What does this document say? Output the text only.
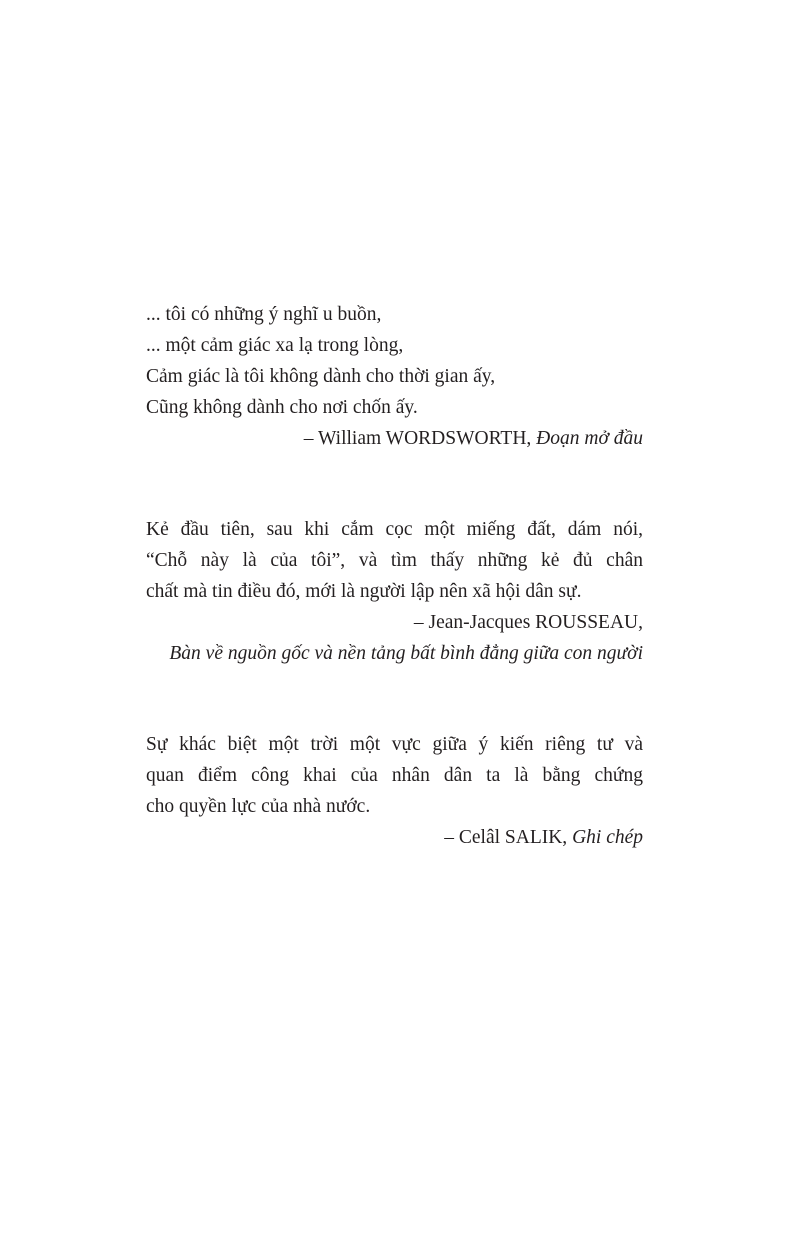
... tôi có những ý nghĩ u buồn,
... một cảm giác xa lạ trong lòng,
Cảm giác là tôi không dành cho thời gian ấy,
Cũng không dành cho nơi chốn ấy.
– William WORDSWORTH, Đoạn mở đầu
Kẻ đầu tiên, sau khi cắm cọc một miếng đất, dám nói,
“Chỗ này là của tôi”, và tìm thấy những kẻ đủ chân
chất mà tin điều đó, mới là người lập nên xã hội dân sự.
– Jean-Jacques ROUSSEAU,
Bàn về nguồn gốc và nền tảng bất bình đẳng giữa con người
Sự khác biệt một trời một vực giữa ý kiến riêng tư và
quan điểm công khai của nhân dân ta là bằng chứng
cho quyền lực của nhà nước.
– Celâl SALIK, Ghi chép
